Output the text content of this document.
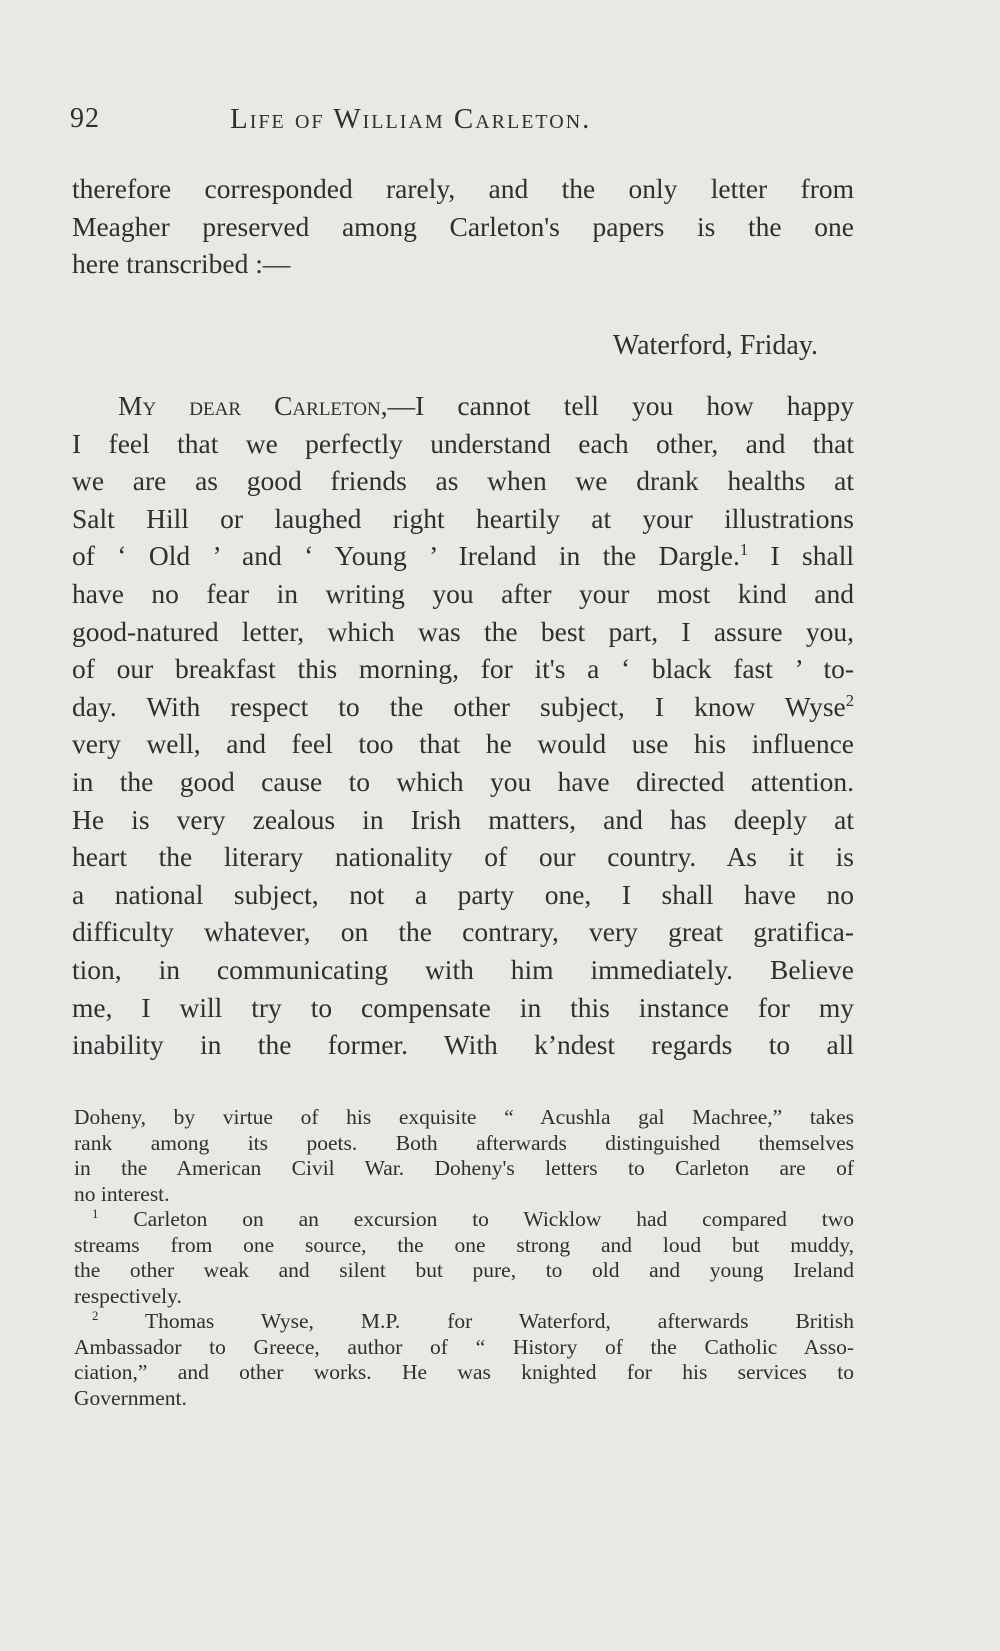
92	Life of William Carleton.
therefore corresponded rarely, and the only letter from
Meagher preserved among Carleton's papers is the one
here transcribed :—
Waterford, Friday.
My dear Carleton,—I cannot tell you how happy
I feel that we perfectly understand each other, and that
we are as good friends as when we drank healths at
Salt Hill or laughed right heartily at your illustrations
of ‘ Old ’ and ‘ Young ’ Ireland in the Dargle.$^1$ I shall
have no fear in writing you after your most kind and
good-natured letter, which was the best part, I assure you,
of our breakfast this morning, for it's a ‘ black fast ’ to-
day. With respect to the other subject, I know Wyse$^2$
very well, and feel too that he would use his influence
in the good cause to which you have directed attention.
He is very zealous in Irish matters, and has deeply at
heart the literary nationality of our country. As it is
a national subject, not a party one, I shall have no
difficulty whatever, on the contrary, very great gratifica-
tion, in communicating with him immediately. Believe
me, I will try to compensate in this instance for my
inability in the former. With k’ndest regards to all
Doheny, by virtue of his exquisite “ Acushla gal Machree,” takes
rank among its poets. Both afterwards distinguished themselves
in the American Civil War. Doheny's letters to Carleton are of
no interest.
$^1$ Carleton on an excursion to Wicklow had compared two
streams from one source, the one strong and loud but muddy,
the other weak and silent but pure, to old and young Ireland
respectively.
$^2$ Thomas Wyse, M.P. for Waterford, afterwards British
Ambassador to Greece, author of “ History of the Catholic Asso-
ciation,” and other works. He was knighted for his services to
Government.
